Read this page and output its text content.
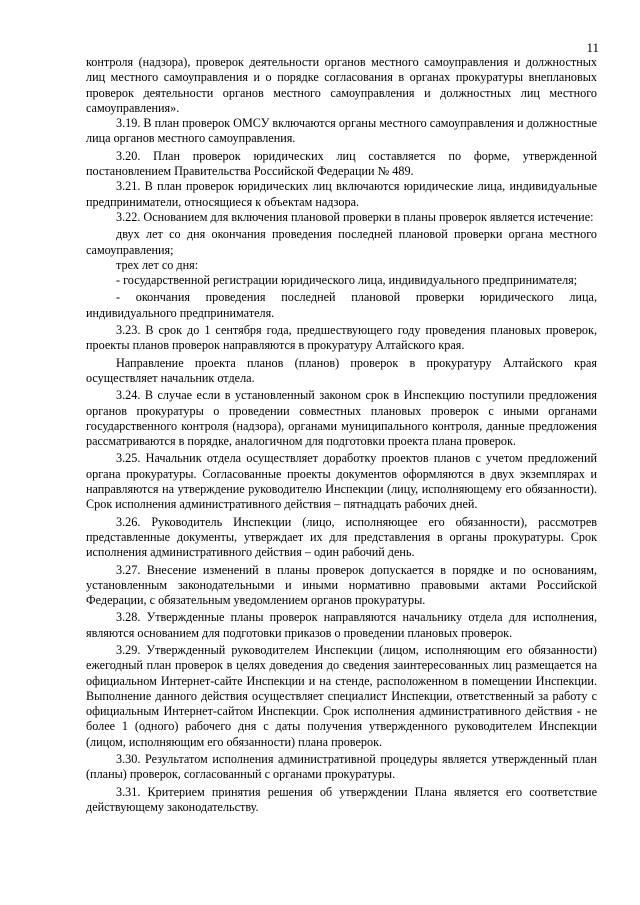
11

контроля (надзора), проверок деятельности органов местного самоуправления и должностных лиц местного самоуправления и о порядке согласования в органах прокуратуры внеплановых проверок деятельности органов местного самоуправления и должностных лиц местного самоуправления».

3.19. В план проверок ОМСУ включаются органы местного самоуправления и должностные лица органов местного самоуправления.

3.20. План проверок юридических лиц составляется по форме, утвержденной постановлением Правительства Российской Федерации № 489.

3.21. В план проверок юридических лиц включаются юридические лица, индивидуальные предприниматели, относящиеся к объектам надзора.

3.22. Основанием для включения плановой проверки в планы проверок является истечение:

двух лет со дня окончания проведения последней плановой проверки органа местного самоуправления;

трех лет со дня:

- государственной регистрации юридического лица, индивидуального предпринимателя;

- окончания проведения последней плановой проверки юридического лица, индивидуального предпринимателя.

3.23. В срок до 1 сентября года, предшествующего году проведения плановых проверок, проекты планов проверок направляются в прокуратуру Алтайского края.

Направление проекта планов (планов) проверок в прокуратуру Алтайского края осуществляет начальник отдела.

3.24. В случае если в установленный законом срок в Инспекцию поступили предложения органов прокуратуры о проведении совместных плановых проверок с иными органами государственного контроля (надзора), органами муниципального контроля, данные предложения рассматриваются в порядке, аналогичном для подготовки проекта плана проверок.

3.25. Начальник отдела осуществляет доработку проектов планов с учетом предложений органа прокуратуры. Согласованные проекты документов оформляются в двух экземплярах и направляются на утверждение руководителю Инспекции (лицу, исполняющему его обязанности). Срок исполнения административного действия – пятнадцать рабочих дней.

3.26. Руководитель Инспекции (лицо, исполняющее его обязанности), рассмотрев представленные документы, утверждает их для представления в органы прокуратуры. Срок исполнения административного действия – один рабочий день.

3.27. Внесение изменений в планы проверок допускается в порядке и по основаниям, установленным законодательными и иными нормативно правовыми актами Российской Федерации, с обязательным уведомлением органов прокуратуры.

3.28. Утвержденные планы проверок направляются начальнику отдела для исполнения, являются основанием для подготовки приказов о проведении плановых проверок.

3.29. Утвержденный руководителем Инспекции (лицом, исполняющим его обязанности) ежегодный план проверок в целях доведения до сведения заинтересованных лиц размещается на официальном Интернет-сайте Инспекции и на стенде, расположенном в помещении Инспекции. Выполнение данного действия осуществляет специалист Инспекции, ответственный за работу с официальным Интернет-сайтом Инспекции. Срок исполнения административного действия - не более 1 (одного) рабочего дня с даты получения утвержденного руководителем Инспекции (лицом, исполняющим его обязанности) плана проверок.

3.30. Результатом исполнения административной процедуры является утвержденный план (планы) проверок, согласованный с органами прокуратуры.

3.31. Критерием принятия решения об утверждении Плана является его соответствие действующему законодательству.
